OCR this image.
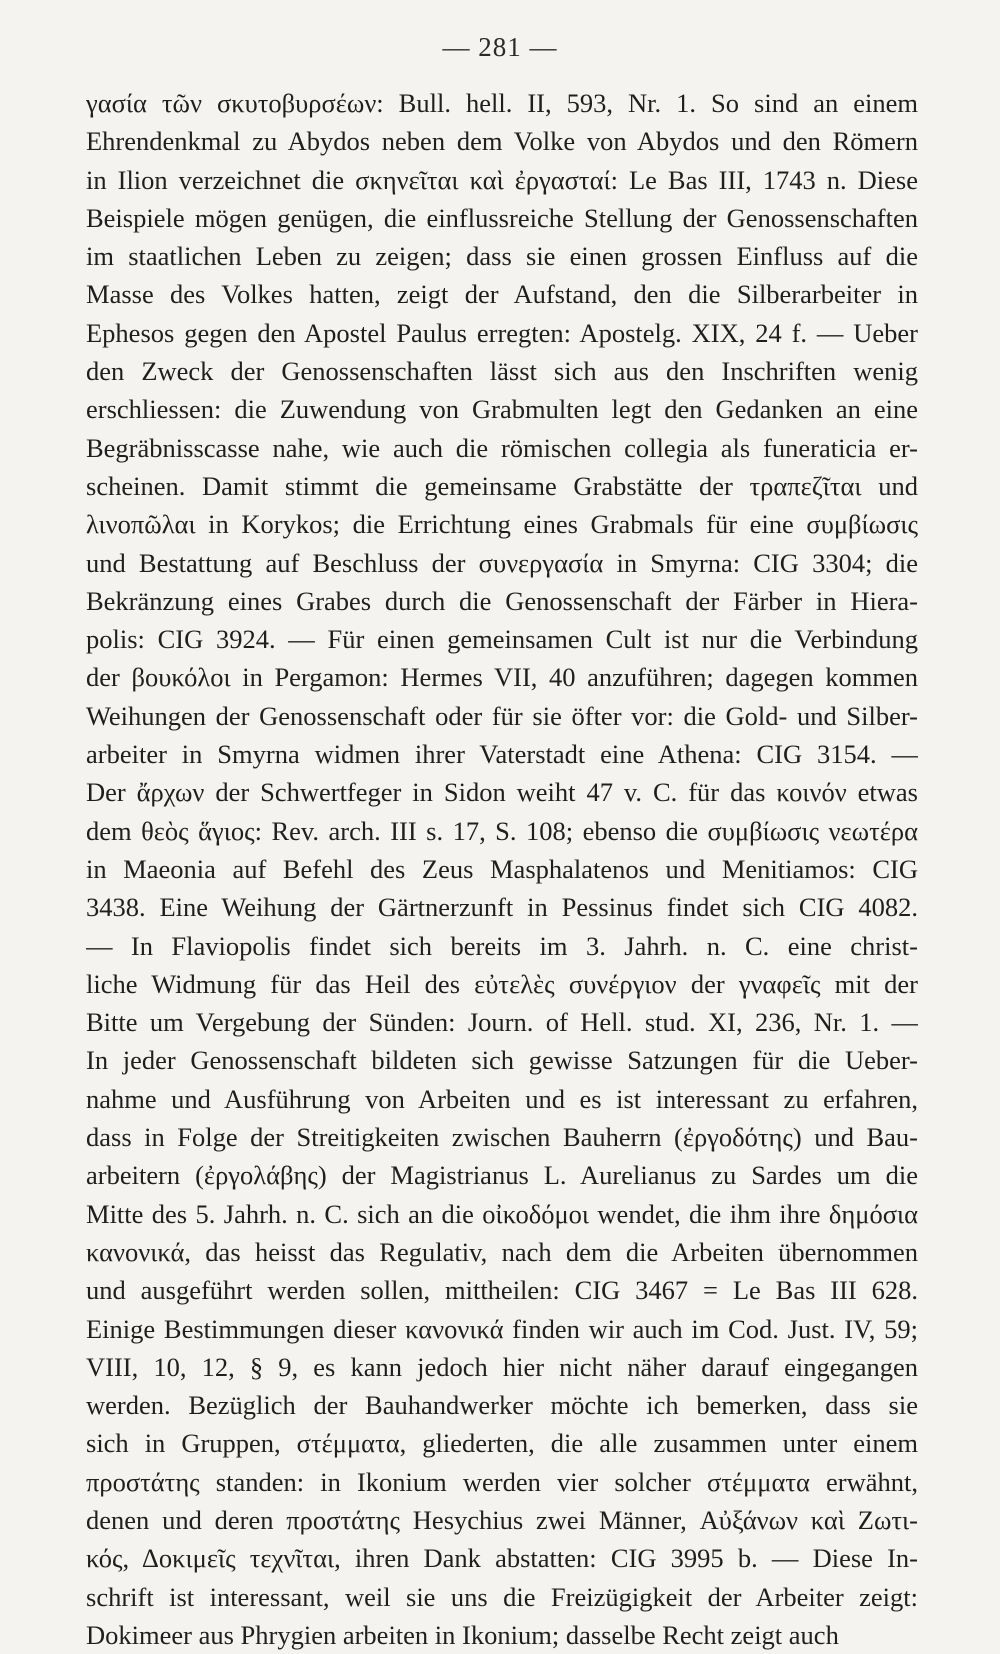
— 281 —
γασία τῶν σκυτοβυρσέων: Bull. hell. II, 593, Nr. 1. So sind an einem
Ehrendenkmal zu Abydos neben dem Volke von Abydos und den Römern
in Ilion verzeichnet die σκηνεῖται καὶ ἐργασταί: Le Bas III, 1743 n. Diese
Beispiele mögen genügen, die einflussreiche Stellung der Genossenschaften
im staatlichen Leben zu zeigen; dass sie einen grossen Einfluss auf die
Masse des Volkes hatten, zeigt der Aufstand, den die Silberarbeiter in
Ephesos gegen den Apostel Paulus erregten: Apostelg. XIX, 24 f. — Ueber
den Zweck der Genossenschaften lässt sich aus den Inschriften wenig
erschliessen: die Zuwendung von Grabmulten legt den Gedanken an eine
Begräbnisscasse nahe, wie auch die römischen collegia als funeraticia er-
scheinen. Damit stimmt die gemeinsame Grabstätte der τραπεζῖται und
λινοπῶλαι in Korykos; die Errichtung eines Grabmals für eine συμβίωσις
und Bestattung auf Beschluss der συνεργασία in Smyrna: CIG 3304; die
Bekränzung eines Grabes durch die Genossenschaft der Färber in Hiera-
polis: CIG 3924. — Für einen gemeinsamen Cult ist nur die Verbindung
der βουκόλοι in Pergamon: Hermes VII, 40 anzuführen; dagegen kommen
Weihungen der Genossenschaft oder für sie öfter vor: die Gold- und Silber-
arbeiter in Smyrna widmen ihrer Vaterstadt eine Athena: CIG 3154. —
Der ἄρχων der Schwertfeger in Sidon weiht 47 v. C. für das κοινόν etwas
dem θεὸς ἅγιος: Rev. arch. III s. 17, S. 108; ebenso die συμβίωσις νεωτέρα
in Maeonia auf Befehl des Zeus Masphalatenos und Menitiamos: CIG
3438. Eine Weihung der Gärtnerzunft in Pessinus findet sich CIG 4082.
— In Flaviopolis findet sich bereits im 3. Jahrh. n. C. eine christ-
liche Widmung für das Heil des εὐτελὲς συνέργιον der γναφεῖς mit der
Bitte um Vergebung der Sünden: Journ. of Hell. stud. XI, 236, Nr. 1. —
In jeder Genossenschaft bildeten sich gewisse Satzungen für die Ueber-
nahme und Ausführung von Arbeiten und es ist interessant zu erfahren,
dass in Folge der Streitigkeiten zwischen Bauherrn (ἐργοδότης) und Bau-
arbeitern (ἐργολάβης) der Magistrianus L. Aurelianus zu Sardes um die
Mitte des 5. Jahrh. n. C. sich an die οἰκοδόμοι wendet, die ihm ihre δημόσια
κανονικά, das heisst das Regulativ, nach dem die Arbeiten übernommen
und ausgeführt werden sollen, mittheilen: CIG 3467 = Le Bas III 628.
Einige Bestimmungen dieser κανονικά finden wir auch im Cod. Just. IV, 59;
VIII, 10, 12, § 9, es kann jedoch hier nicht näher darauf eingegangen
werden. Bezüglich der Bauhandwerker möchte ich bemerken, dass sie
sich in Gruppen, στέμματα, gliederten, die alle zusammen unter einem
προστάτης standen: in Ikonium werden vier solcher στέμματα erwähnt,
denen und deren προστάτης Hesychius zwei Männer, Αὐξάνων καὶ Ζωτι-
κός, Δοκιμεῖς τεχνῖται, ihren Dank abstatten: CIG 3995 b. — Diese In-
schrift ist interessant, weil sie uns die Freizügigkeit der Arbeiter zeigt:
Dokimeer aus Phrygien arbeiten in Ikonium; dasselbe Recht zeigt auch
